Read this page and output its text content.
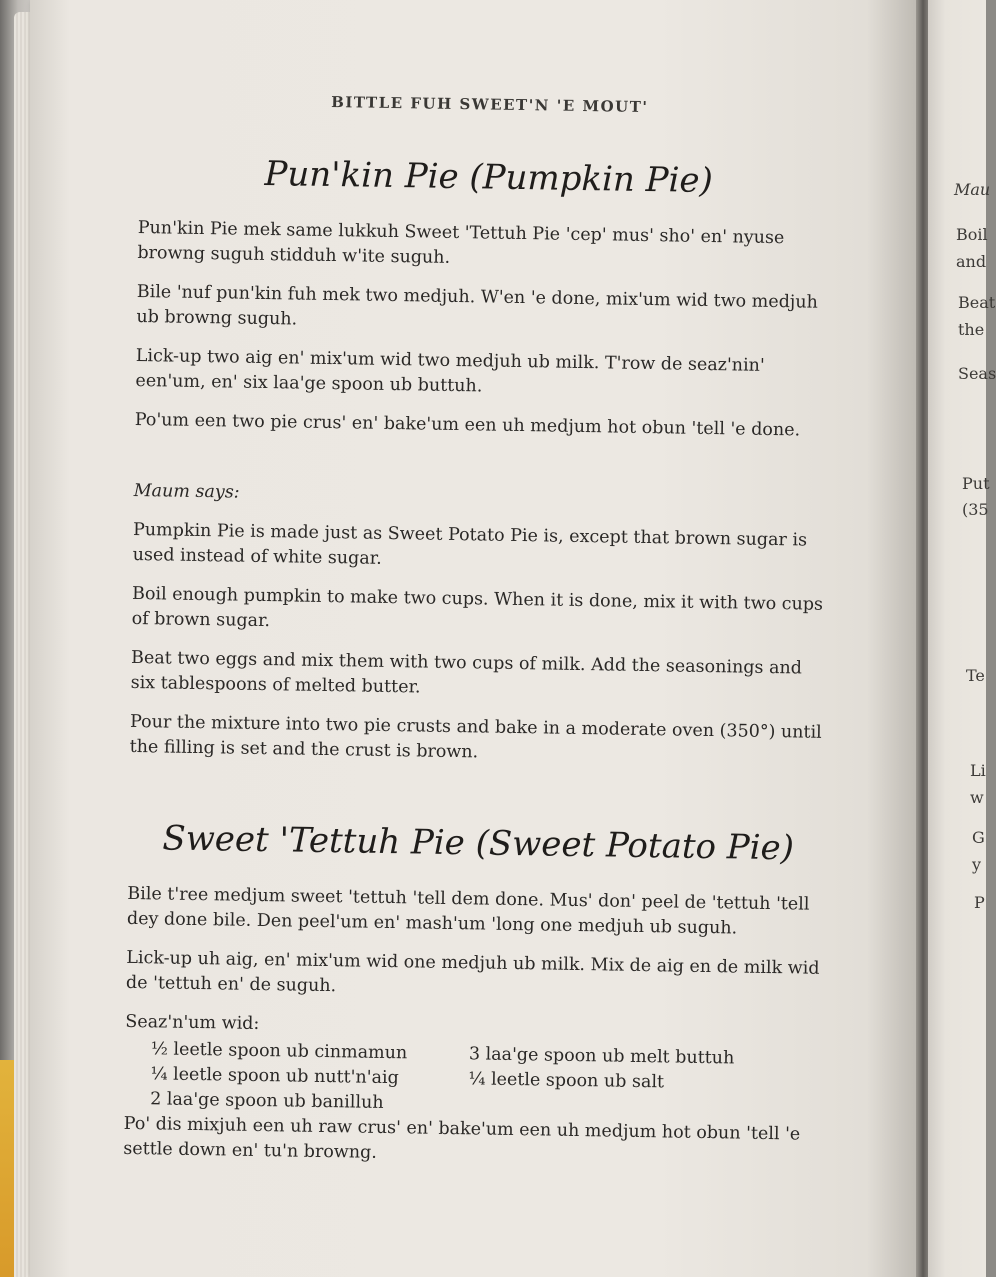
Mau
Boil
and
Beat
the
Seas
Put
(35
Te
Li
w
G
y
P
BITTLE FUH SWEET'N 'E MOUT'
Pun'kin Pie (Pumpkin Pie)

Pun'kin Pie mek same lukkuh Sweet 'Tettuh Pie 'cep' mus' sho' en' nyuse browng suguh stidduh w'ite suguh.

Bile 'nuf pun'kin fuh mek two medjuh. W'en 'e done, mix'um wid two medjuh ub browng suguh.

Lick-up two aig en' mix'um wid two medjuh ub milk. T'row de seaz'nin' een'um, en' six laa'ge spoon ub buttuh.

Po'um een two pie crus' en' bake'um een uh medjum hot obun 'tell 'e done.

Maum says:

Pumpkin Pie is made just as Sweet Potato Pie is, except that brown sugar is used instead of white sugar.

Boil enough pumpkin to make two cups. When it is done, mix it with two cups of brown sugar.

Beat two eggs and mix them with two cups of milk. Add the seasonings and six tablespoons of melted butter.

Pour the mixture into two pie crusts and bake in a moderate oven (350°) until the filling is set and the crust is brown.

Sweet 'Tettuh Pie (Sweet Potato Pie)

Bile t'ree medjum sweet 'tettuh 'tell dem done. Mus' don' peel de 'tettuh 'tell dey done bile. Den peel'um en' mash'um 'long one medjuh ub suguh.

Lick-up uh aig, en' mix'um wid one medjuh ub milk. Mix de aig en de milk wid de 'tettuh en' de suguh.

Seaz'n'um wid:

½ leetle spoon ub cinmamun
¼ leetle spoon ub nutt'n'aig
2 laa'ge spoon ub banilluh
3 laa'ge spoon ub melt buttuh
¼ leetle spoon ub salt

Po' dis mixjuh een uh raw crus' en' bake'um een uh medjum hot obun 'tell 'e settle down en' tu'n browng.
